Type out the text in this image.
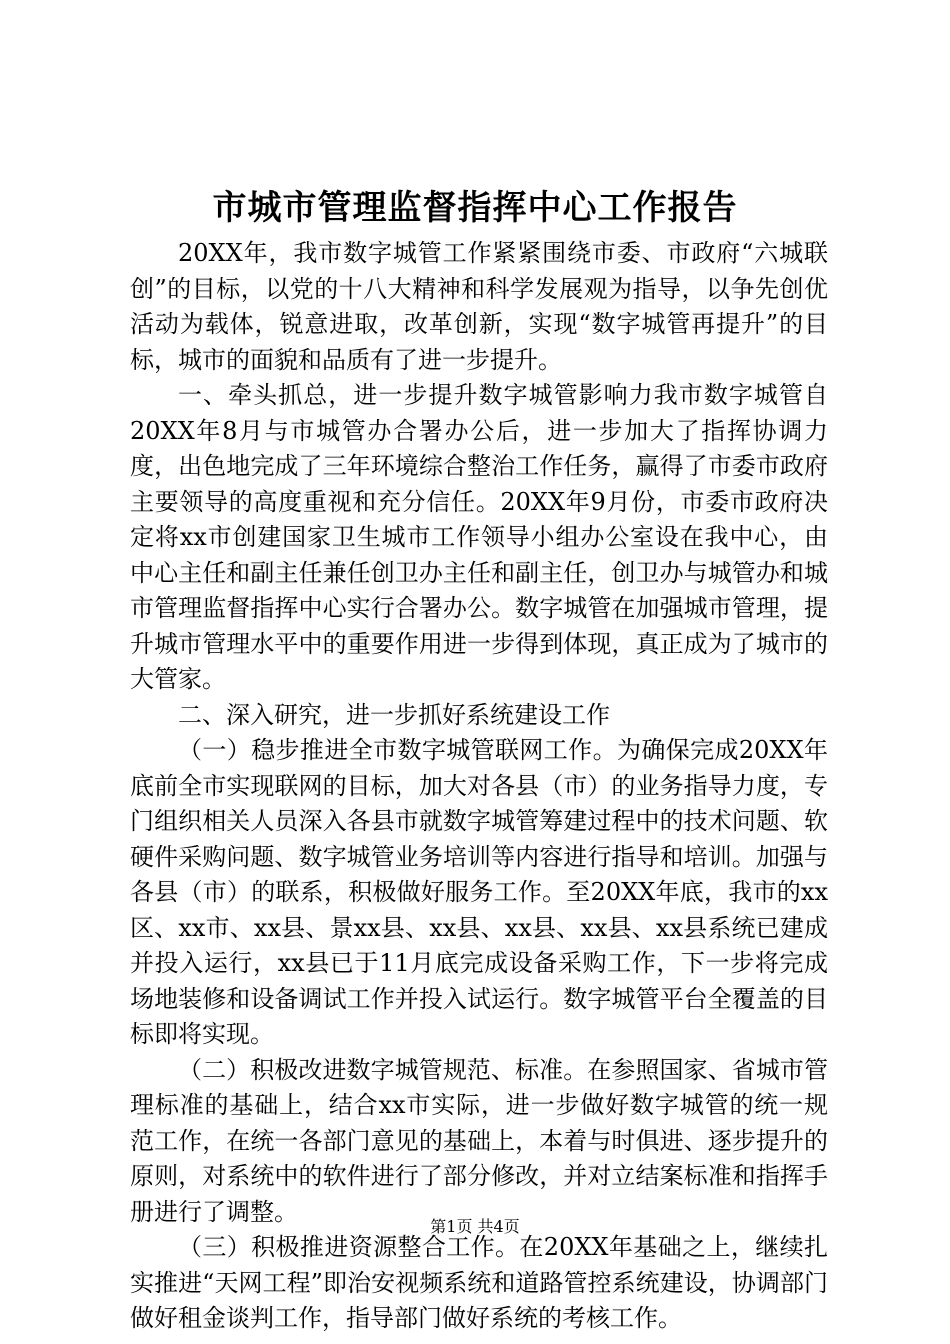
市城市管理监督指挥中心工作报告

20XX年，我市数字城管工作紧紧围绕市委、市政府“六城联创”的目标，以党的十八大精神和科学发展观为指导，以争先创优活动为载体，锐意进取，改革创新，实现“数字城管再提升”的目标，城市的面貌和品质有了进一步提升。

一、牵头抓总，进一步提升数字城管影响力我市数字城管自20XX年8月与市城管办合署办公后，进一步加大了指挥协调力度，出色地完成了三年环境综合整治工作任务，赢得了市委市政府主要领导的高度重视和充分信任。20XX年9月份，市委市政府决定将xx市创建国家卫生城市工作领导小组办公室设在我中心，由中心主任和副主任兼任创卫办主任和副主任，创卫办与城管办和城市管理监督指挥中心实行合署办公。数字城管在加强城市管理，提升城市管理水平中的重要作用进一步得到体现，真正成为了城市的大管家。

二、深入研究，进一步抓好系统建设工作

（一）稳步推进全市数字城管联网工作。为确保完成20XX年底前全市实现联网的目标，加大对各县（市）的业务指导力度，专门组织相关人员深入各县市就数字城管筹建过程中的技术问题、软硬件采购问题、数字城管业务培训等内容进行指导和培训。加强与各县（市）的联系，积极做好服务工作。至20XX年底，我市的xx区、xx市、xx县、景xx县、xx县、xx县、xx县、xx县系统已建成并投入运行，xx县已于11月底完成设备采购工作，下一步将完成场地装修和设备调试工作并投入试运行。数字城管平台全覆盖的目标即将实现。

（二）积极改进数字城管规范、标准。在参照国家、省城市管理标准的基础上，结合xx市实际，进一步做好数字城管的统一规范工作，在统一各部门意见的基础上，本着与时俱进、逐步提升的原则，对系统中的软件进行了部分修改，并对立结案标准和指挥手册进行了调整。

（三）积极推进资源整合工作。在20XX年基础之上，继续扎实推进“天网工程”即治安视频系统和道路管控系统建设，协调部门做好租金谈判工作，指导部门做好系统的考核工作。

第1页 共4页
